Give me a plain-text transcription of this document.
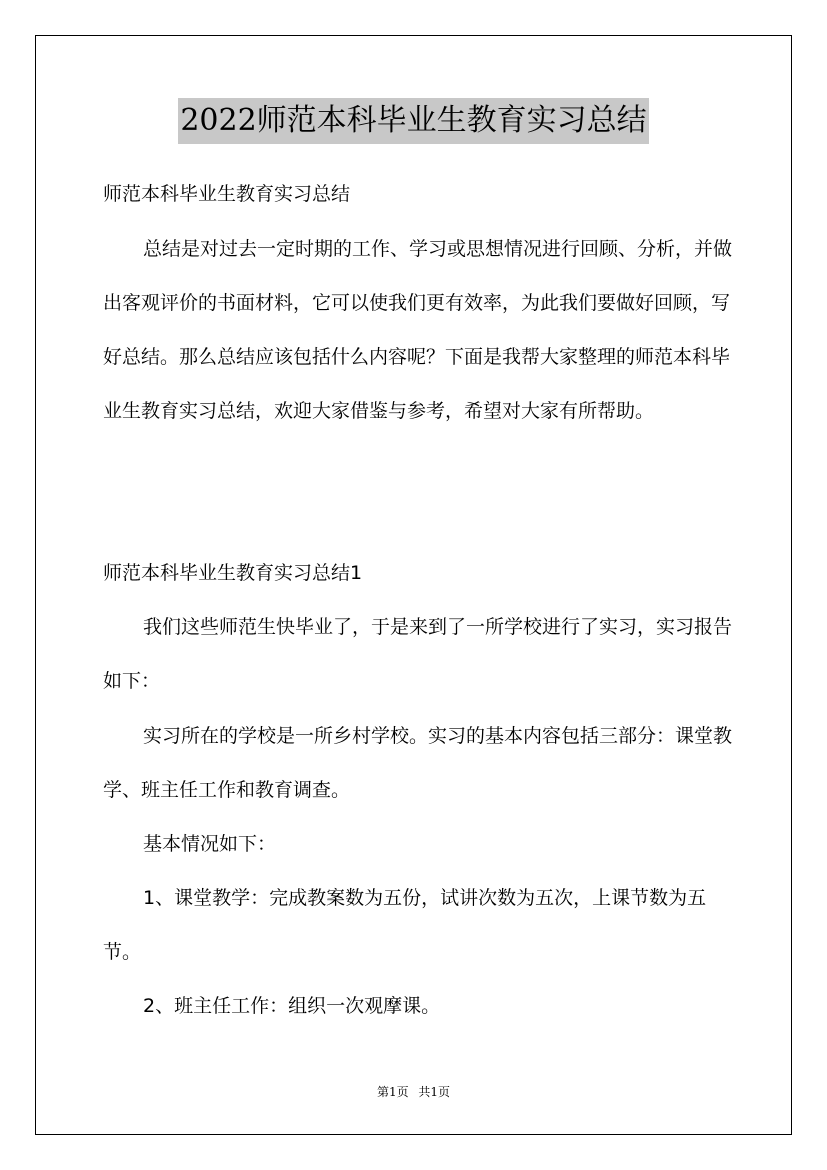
2022师范本科毕业生教育实习总结

师范本科毕业生教育实习总结

总结是对过去一定时期的工作、学习或思想情况进行回顾、分析，并做出客观评价的书面材料，它可以使我们更有效率，为此我们要做好回顾，写好总结。那么总结应该包括什么内容呢？下面是我帮大家整理的师范本科毕业生教育实习总结，欢迎大家借鉴与参考，希望对大家有所帮助。

师范本科毕业生教育实习总结1

我们这些师范生快毕业了，于是来到了一所学校进行了实习，实习报告如下：

实习所在的学校是一所乡村学校。实习的基本内容包括三部分：课堂教学、班主任工作和教育调查。

基本情况如下：

1、课堂教学：完成教案数为五份，试讲次数为五次，上课节数为五节。

2、班主任工作：组织一次观摩课。

第1页 共1页
